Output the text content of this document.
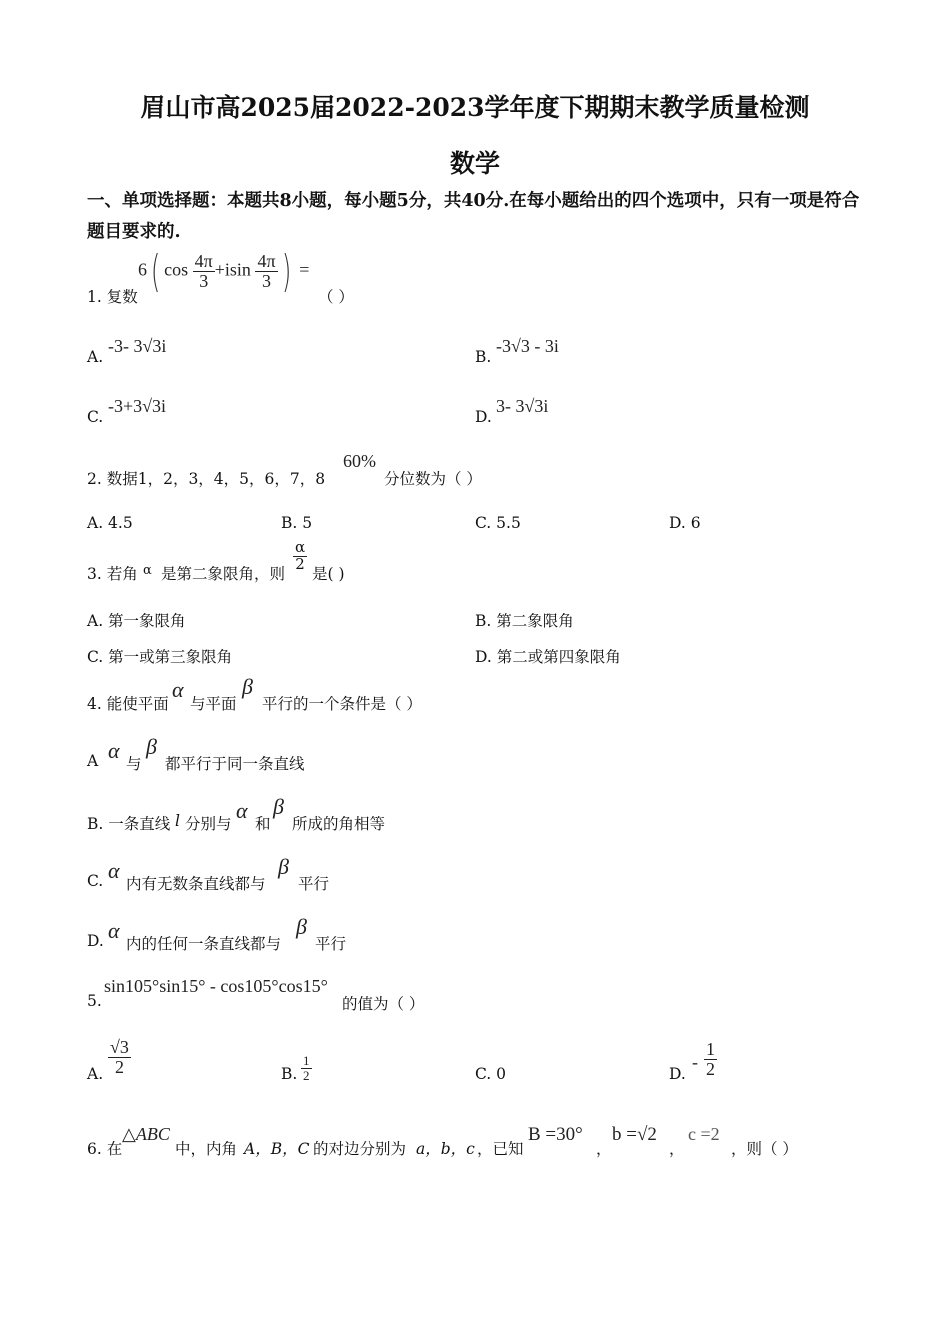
眉山市高2025届2022-2023学年度下期期末教学质量检测
数学
一、单项选择题：本题共8小题，每小题5分，共40分.在每小题给出的四个选项中，只有一项是符合题目要求的.
1. 复数
6( $\cos \frac{4\pi}{3} +isin \frac{4\pi}{3}$ ) =
（ ）
A.
-3- 3√3i
B.
-3√3 - 3i
C.
-3+3√3i
D.
3- 3√3i
2. 数据1，2，3，4，5，6，7，8
60%
分位数为（ ）
A. 4.5	B. 5	C. 5.5	D. 6
3. 若角 α 是第二象限角，则
$\frac{\alpha}{2}$
是( )
A. 第一象限角	B. 第二象限角
C. 第一或第三象限角	D. 第二或第四象限角
4. 能使平面
α
与平面
β
平行的一个条件是（ ）
A α
与
β
都平行于同一条直线
B. 一条直线 l 分别与
α
和
β
所成的角相等
C. α
内有无数条直线都与
β
平行
D. α
内的任何一条直线都与
β
平行
5.
sin105°sin15° - cos105°cos15°
的值为（ ）
A. $\frac{√3}{2}$	B. $\frac{1}{2}$	C. 0	D.
- $\frac{1}{2}$
6. 在
△ABC
中，内角 A，B，C 的对边分别为 a，b，c ，已知
B =30°
，
b =√2
，
c =2
，则（ ）
